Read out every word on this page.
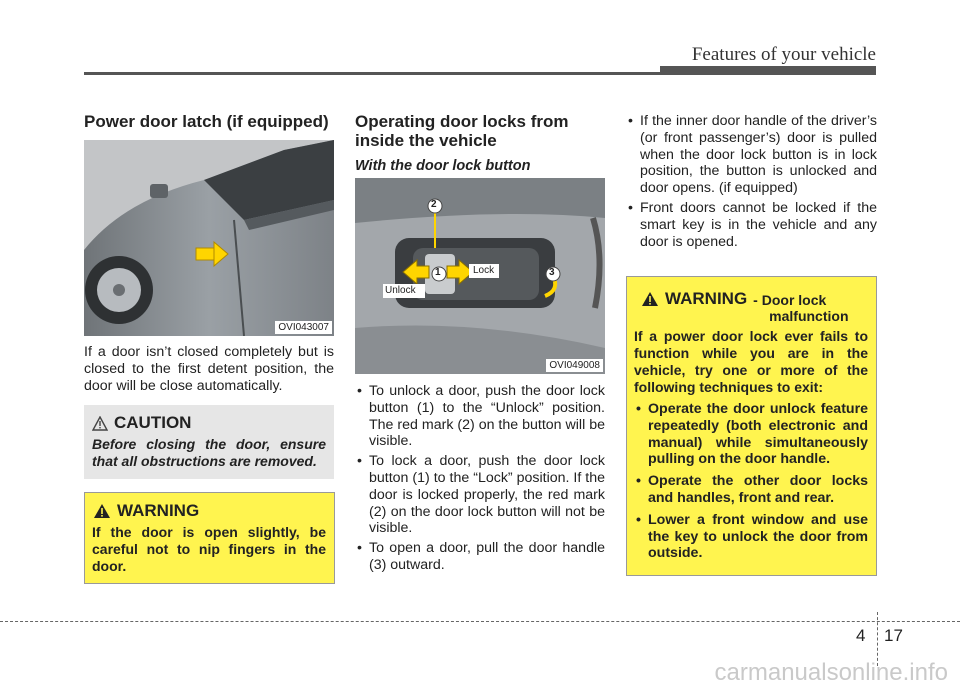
Features of your vehicle
Power door latch (if equipped)
OVI043007
If a door isn’t closed completely but is closed to the first detent position, the door will be close automatically.
CAUTION
Before closing the door, ensure that all obstructions are removed.
WARNING
If the door is open slightly, be careful not to nip fingers in the door.
Operating door locks from
inside the vehicle
With the door lock button
2
1	3
Unlock
Lock
OVI049008
• To unlock a door, push the door lock button (1) to the “Unlock” position. The red mark (2) on the button will be visible.
• To lock a door, push the door lock button (1) to the “Lock” position. If the door is locked properly, the red mark (2) on the door lock button will not be visible.
• To open a door, pull the door handle (3) outward.
• If the inner door handle of the driver’s (or front passenger’s) door is pulled when the door lock button is in lock position, the button is unlocked and door opens. (if equipped)
• Front doors cannot be locked if the smart key is in the vehicle and any door is opened.
WARNING - Door lock
malfunction
If a power door lock ever fails to function while you are in the vehicle, try one or more of the following techniques to exit:
• Operate the door unlock feature repeatedly (both electronic and manual) while simultaneously pulling on the door handle.
• Operate the other door locks and handles, front and rear.
• Lower a front window and use the key to unlock the door from outside.
4 17
carmanualsonline.info
